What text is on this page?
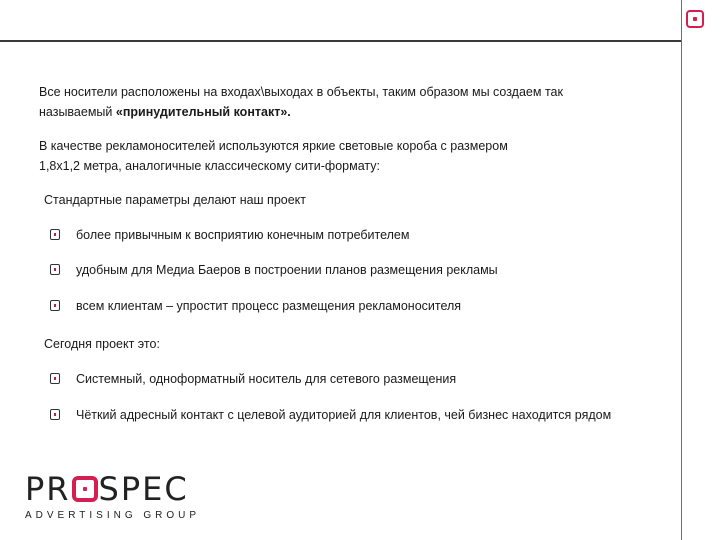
Все носители расположены на входах\выходах в объекты, таким образом мы создаем так
называемый «принудительный контакт».

В качестве рекламоносителей используются яркие световые короба с размером
1,8х1,2 метра, аналогичные классическому сити-формату:

Стандартные параметры делают наш проект

более привычным к восприятию конечным потребителем
удобным для Медиа Баеров в построении планов размещения рекламы
всем клиентам – упростит процесс размещения рекламоносителя

Сегодня проект это:

Системный, одноформатный носитель для сетевого размещения
Чёткий адресный контакт с целевой аудиторией для клиентов, чей бизнес находится рядом
PR SPEC
ADVERTISING GROUP
